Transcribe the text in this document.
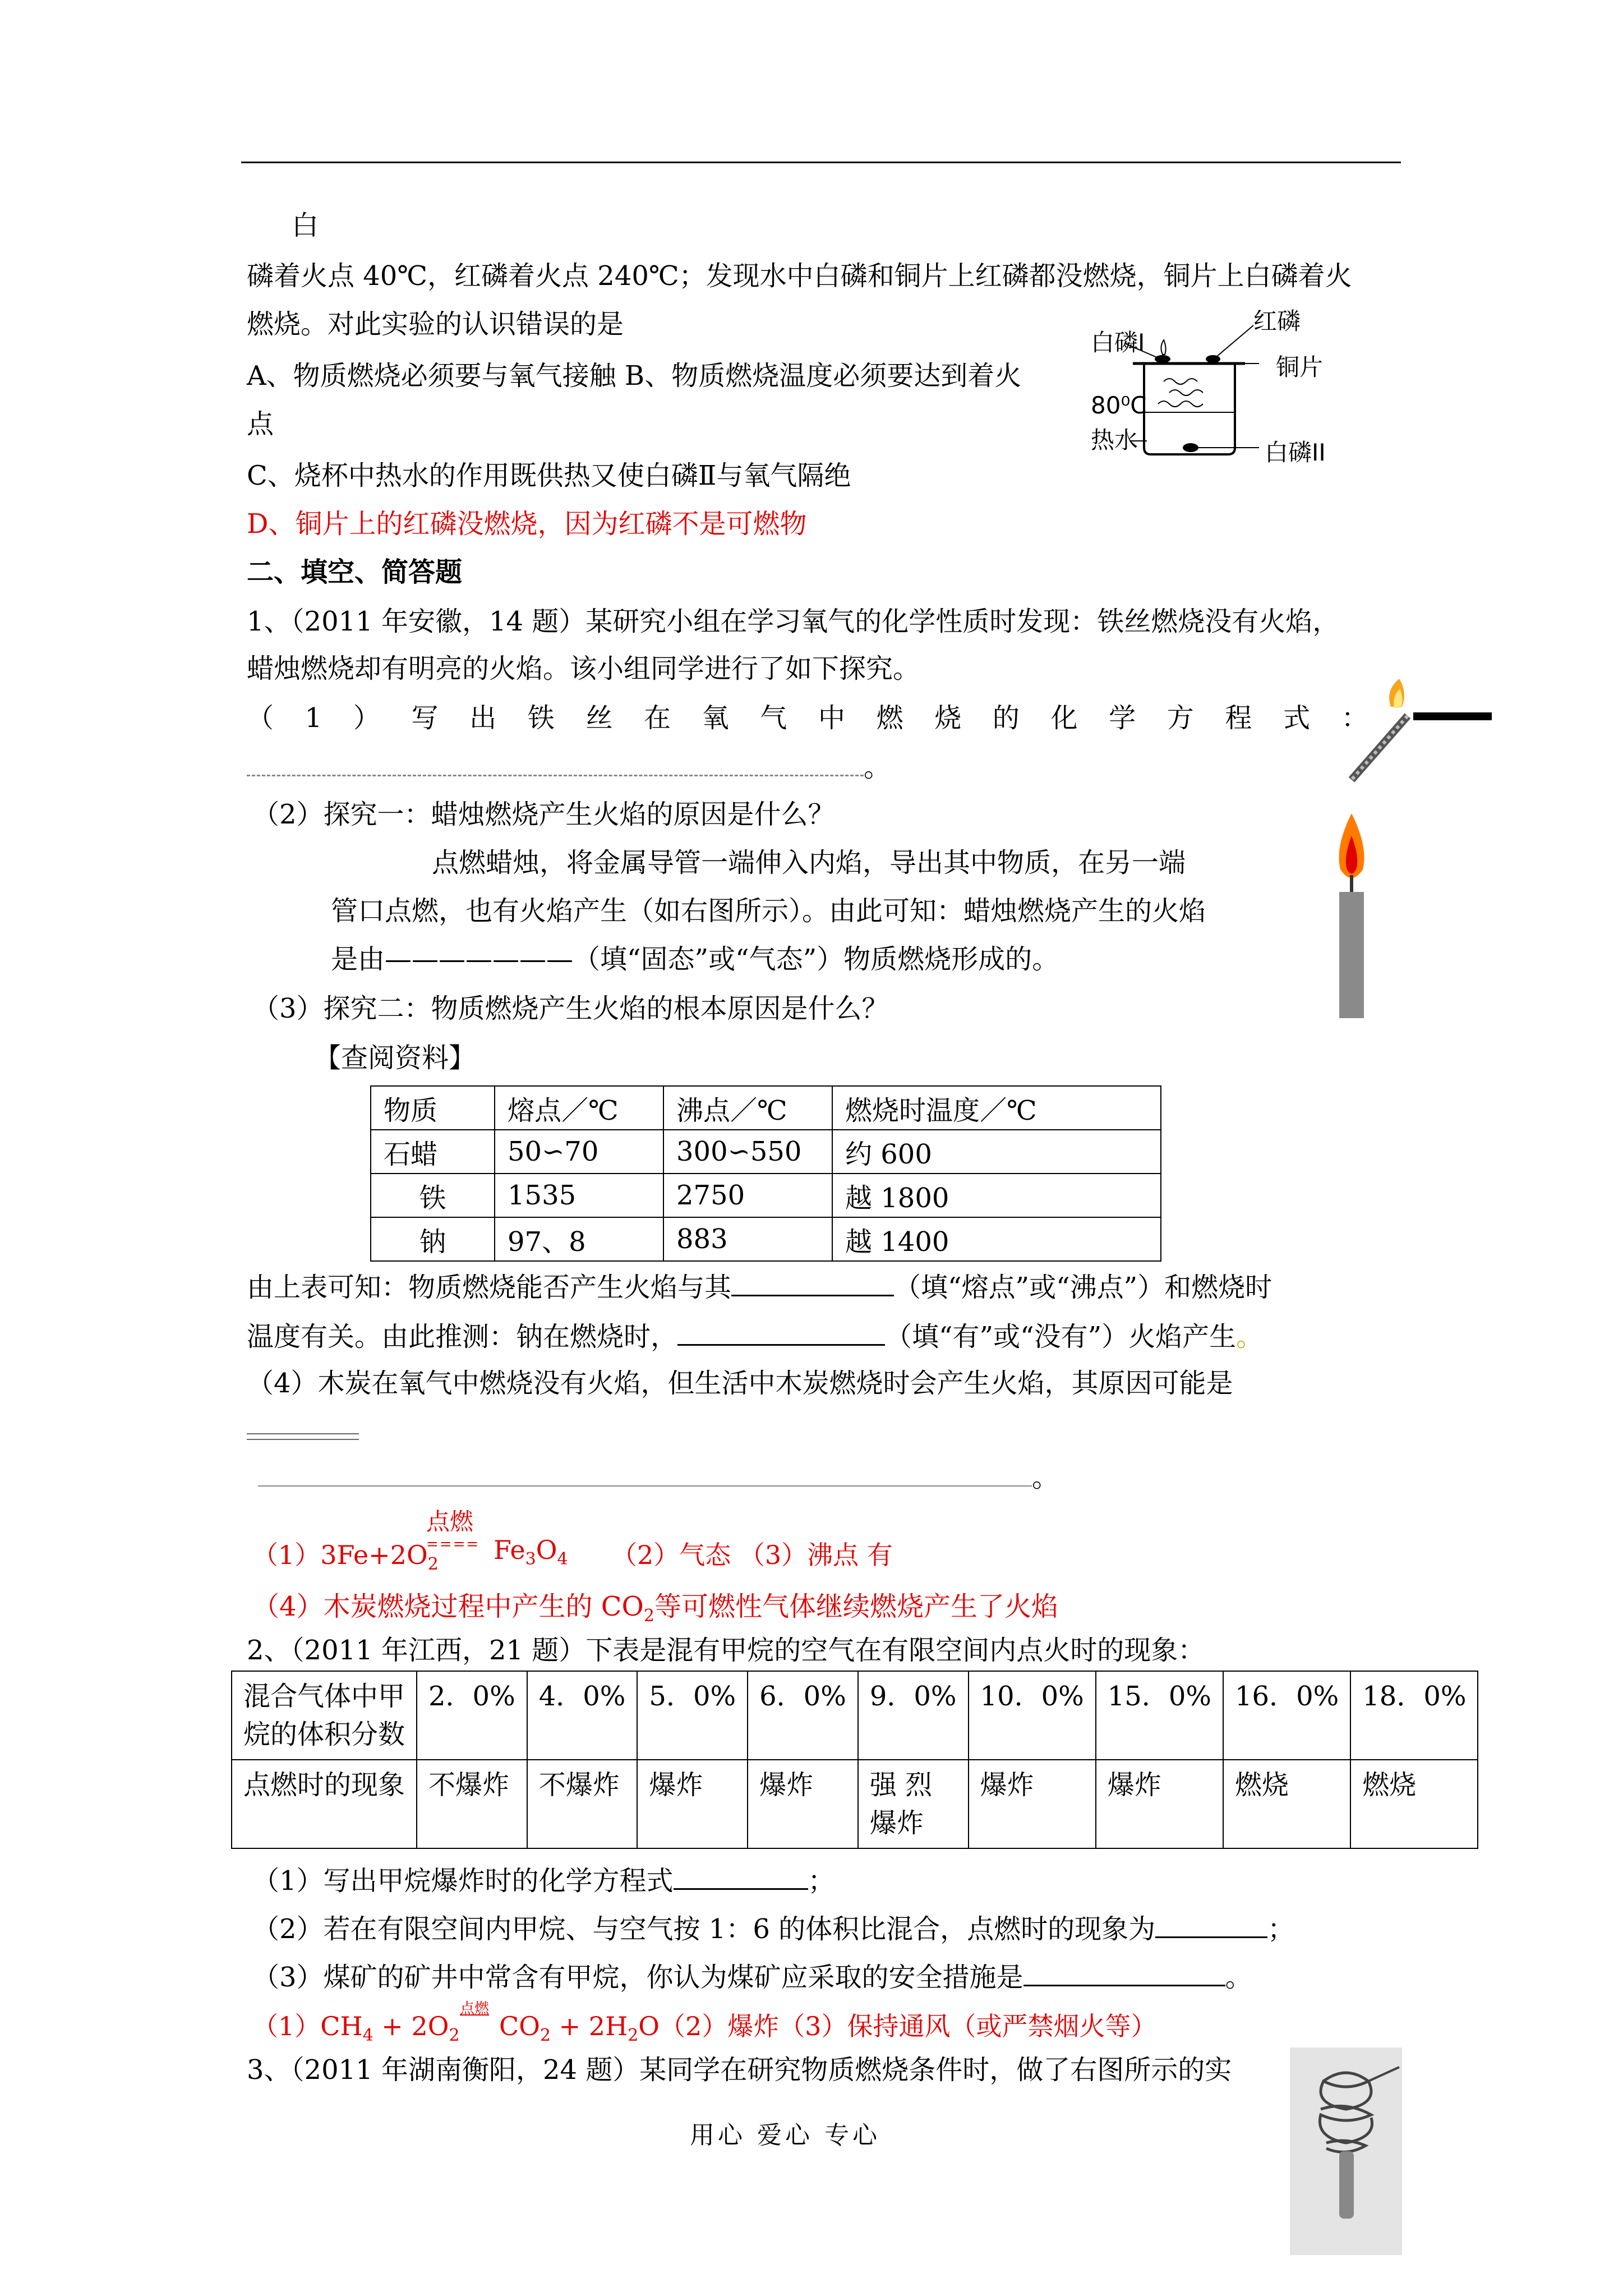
白
磷着火点 40℃，红磷着火点 240℃；发现水中白磷和铜片上红磷都没燃烧，铜片上白磷着火
燃烧。对此实验的认识错误的是
A、物质燃烧必须要与氧气接触 B、物质燃烧温度必须要达到着火
点
C、烧杯中热水的作用既供热又使白磷Ⅱ与氧气隔绝
D、铜片上的红磷没燃烧，因为红磷不是可燃物
白磷I
红磷
铜片
80⁰C
热水	白磷II
二、填空、简答题
1、（2011 年安徽，14 题）某研究小组在学习氧气的化学性质时发现：铁丝燃烧没有火焰，
蜡烛燃烧却有明亮的火焰。该小组同学进行了如下探究。
（ 1 ） 写 出 铁 丝 在 氧 气 中 燃 烧 的 化 学 方 程 式 ：
。
（2）探究一：蜡烛燃烧产生火焰的原因是什么？
点燃蜡烛，将金属导管一端伸入内焰，导出其中物质，在另一端
管口点燃，也有火焰产生（如右图所示）。由此可知：蜡烛燃烧产生的火焰
是由———————（填“固态”或“气态”）物质燃烧形成的。
（3）探究二：物质燃烧产生火焰的根本原因是什么？
【查阅资料】
物质	熔点／℃	沸点／℃	燃烧时温度／℃
石蜡	50∽70	300∽550	约 600
铁	1535	2750	越 1800
钠	97、8	883	越 1400
由上表可知：物质燃烧能否产生火焰与其	（填“熔点”或“沸点”）和燃烧时
温度有关。由此推测：钠在燃烧时，	（填“有”或“没有”）火焰产生。
（4）木炭在氧气中燃烧没有火焰，但生活中木炭燃烧时会产生火焰，其原因可能是
。
$(1)3Fe+2O_2$
点燃
==== $Fe_3O_4$ （2）气态 （3）沸点 有
（4）木炭燃烧过程中产生的 $CO_2$等可燃性气体继续燃烧产生了火焰
2、（2011 年江西，21 题）下表是混有甲烷的空气在有限空间内点火时的现象：
混合气体中甲烷的体积分数	2．0%	4．0%	5．0%	6．0%	9．0%	10．0%	15．0%	16．0%	18．0%
点燃时的现象	不爆炸	不爆炸	爆炸	爆炸	强 烈爆炸	爆炸	爆炸	燃烧	燃烧
（1）写出甲烷爆炸时的化学方程式	；
（2）若在有限空间内甲烷、与空气按 1：6 的体积比混合，点燃时的现象为	；
（3）煤矿的矿井中常含有甲烷，你认为煤矿应采取的安全措施是	。
$(1)CH_4 + 2O_2$
点燃
$CO_2 + 2H_2O(2)$爆炸（3）保持通风（或严禁烟火等）
3、（2011 年湖南衡阳，24 题）某同学在研究物质燃烧条件时，做了右图所示的实
用心 爱心 专心
